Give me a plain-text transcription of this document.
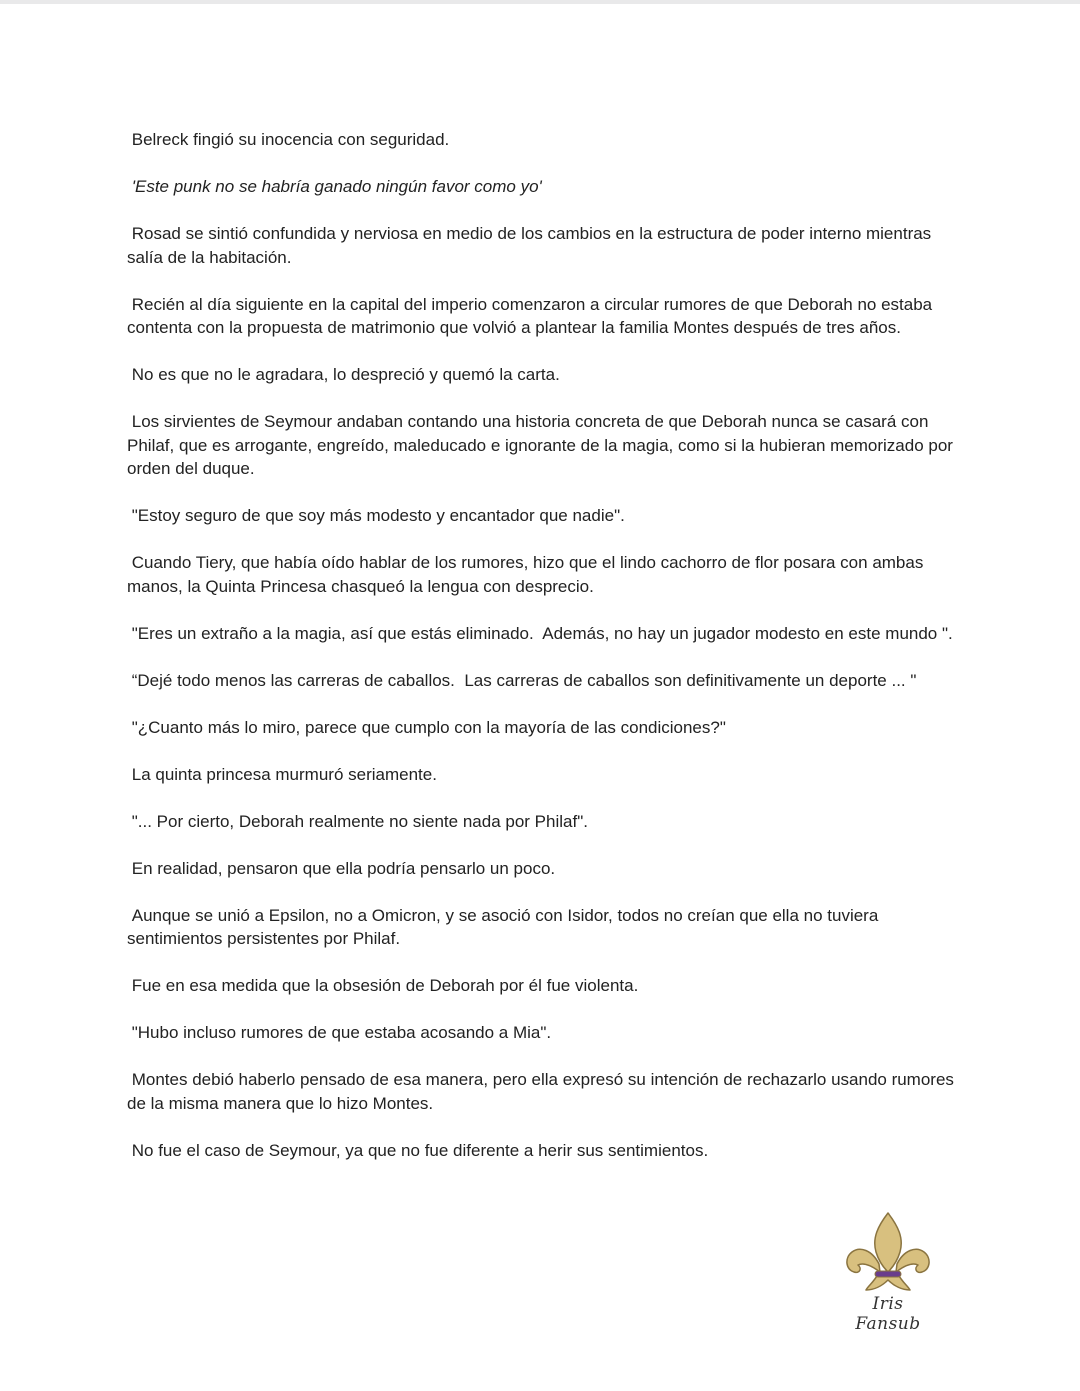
Belreck fingió su inocencia con seguridad.

'Este punk no se habría ganado ningún favor como yo'

Rosad se sintió confundida y nerviosa en medio de los cambios en la estructura de poder interno mientras salía de la habitación.

Recién al día siguiente en la capital del imperio comenzaron a circular rumores de que Deborah no estaba contenta con la propuesta de matrimonio que volvió a plantear la familia Montes después de tres años.

No es que no le agradara, lo despreció y quemó la carta.

Los sirvientes de Seymour andaban contando una historia concreta de que Deborah nunca se casará con Philaf, que es arrogante, engreído, maleducado e ignorante de la magia, como si la hubieran memorizado por orden del duque.

"Estoy seguro de que soy más modesto y encantador que nadie".

Cuando Tiery, que había oído hablar de los rumores, hizo que el lindo cachorro de flor posara con ambas manos, la Quinta Princesa chasqueó la lengua con desprecio.

"Eres un extraño a la magia, así que estás eliminado.  Además, no hay un jugador modesto en este mundo ".

“Dejé todo menos las carreras de caballos.  Las carreras de caballos son definitivamente un deporte ... "

"¿Cuanto más lo miro, parece que cumplo con la mayoría de las condiciones?"

La quinta princesa murmuró seriamente.

"... Por cierto, Deborah realmente no siente nada por Philaf".

En realidad, pensaron que ella podría pensarlo un poco.

Aunque se unió a Epsilon, no a Omicron, y se asoció con Isidor, todos no creían que ella no tuviera sentimientos persistentes por Philaf.

Fue en esa medida que la obsesión de Deborah por él fue violenta.

"Hubo incluso rumores de que estaba acosando a Mia".

Montes debió haberlo pensado de esa manera, pero ella expresó su intención de rechazarlo usando rumores de la misma manera que lo hizo Montes.

No fue el caso de Seymour, ya que no fue diferente a herir sus sentimientos.

Iris Fansub
